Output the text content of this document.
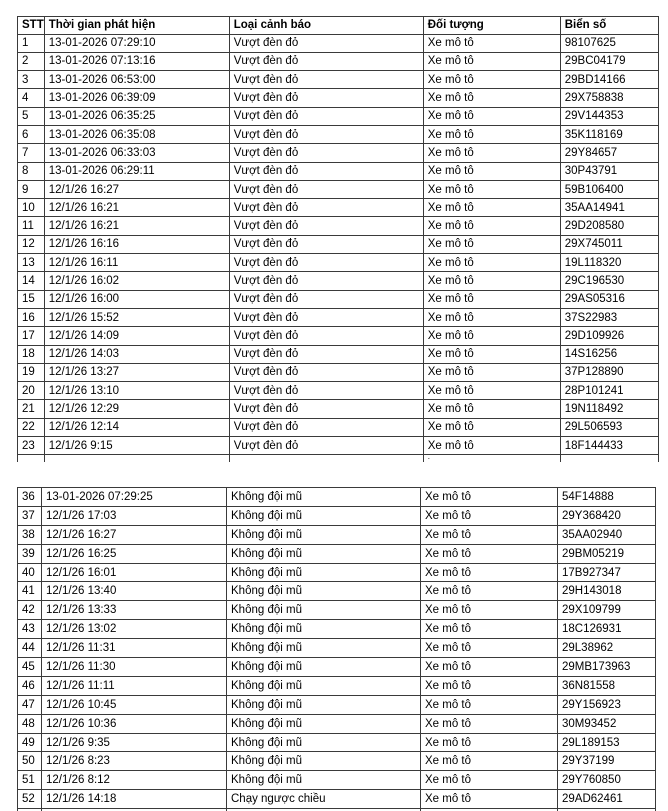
STT	Thời gian phát hiện	Loại cảnh báo	Đối tượng	Biển số
1	13-01-2026 07:29:10	Vượt đèn đỏ	Xe mô tô	98107625
2	13-01-2026 07:13:16	Vượt đèn đỏ	Xe mô tô	29BC04179
3	13-01-2026 06:53:00	Vượt đèn đỏ	Xe mô tô	29BD14166
4	13-01-2026 06:39:09	Vượt đèn đỏ	Xe mô tô	29X758838
5	13-01-2026 06:35:25	Vượt đèn đỏ	Xe mô tô	29V144353
6	13-01-2026 06:35:08	Vượt đèn đỏ	Xe mô tô	35K118169
7	13-01-2026 06:33:03	Vượt đèn đỏ	Xe mô tô	29Y84657
8	13-01-2026 06:29:11	Vượt đèn đỏ	Xe mô tô	30P43791
9	12/1/26 16:27	Vượt đèn đỏ	Xe mô tô	59B106400
10	12/1/26 16:21	Vượt đèn đỏ	Xe mô tô	35AA14941
11	12/1/26 16:21	Vượt đèn đỏ	Xe mô tô	29D208580
12	12/1/26 16:16	Vượt đèn đỏ	Xe mô tô	29X745011
13	12/1/26 16:11	Vượt đèn đỏ	Xe mô tô	19L118320
14	12/1/26 16:02	Vượt đèn đỏ	Xe mô tô	29C196530
15	12/1/26 16:00	Vượt đèn đỏ	Xe mô tô	29AS05316
16	12/1/26 15:52	Vượt đèn đỏ	Xe mô tô	37S22983
17	12/1/26 14:09	Vượt đèn đỏ	Xe mô tô	29D109926
18	12/1/26 14:03	Vượt đèn đỏ	Xe mô tô	14S16256
19	12/1/26 13:27	Vượt đèn đỏ	Xe mô tô	37P128890
20	12/1/26 13:10	Vượt đèn đỏ	Xe mô tô	28P101241
21	12/1/26 12:29	Vượt đèn đỏ	Xe mô tô	19N118492
22	12/1/26 12:14	Vượt đèn đỏ	Xe mô tô	29L506593
23	12/1/26 9:15	Vượt đèn đỏ	Xe mô tô	18F144433
			.	
36	13-01-2026 07:29:25	Không đội mũ	Xe mô tô	54F14888
37	12/1/26 17:03	Không đội mũ	Xe mô tô	29Y368420
38	12/1/26 16:27	Không đội mũ	Xe mô tô	35AA02940
39	12/1/26 16:25	Không đội mũ	Xe mô tô	29BM05219
40	12/1/26 16:01	Không đội mũ	Xe mô tô	17B927347
41	12/1/26 13:40	Không đội mũ	Xe mô tô	29H143018
42	12/1/26 13:33	Không đội mũ	Xe mô tô	29X109799
43	12/1/26 13:02	Không đội mũ	Xe mô tô	18C126931
44	12/1/26 11:31	Không đội mũ	Xe mô tô	29L38962
45	12/1/26 11:30	Không đội mũ	Xe mô tô	29MB173963
46	12/1/26 11:11	Không đội mũ	Xe mô tô	36N81558
47	12/1/26 10:45	Không đội mũ	Xe mô tô	29Y156923
48	12/1/26 10:36	Không đội mũ	Xe mô tô	30M93452
49	12/1/26 9:35	Không đội mũ	Xe mô tô	29L189153
50	12/1/26 8:23	Không đội mũ	Xe mô tô	29Y37199
51	12/1/26 8:12	Không đội mũ	Xe mô tô	29Y760850
52	12/1/26 14:18	Chạy ngược chiều	Xe mô tô	29AD62461
